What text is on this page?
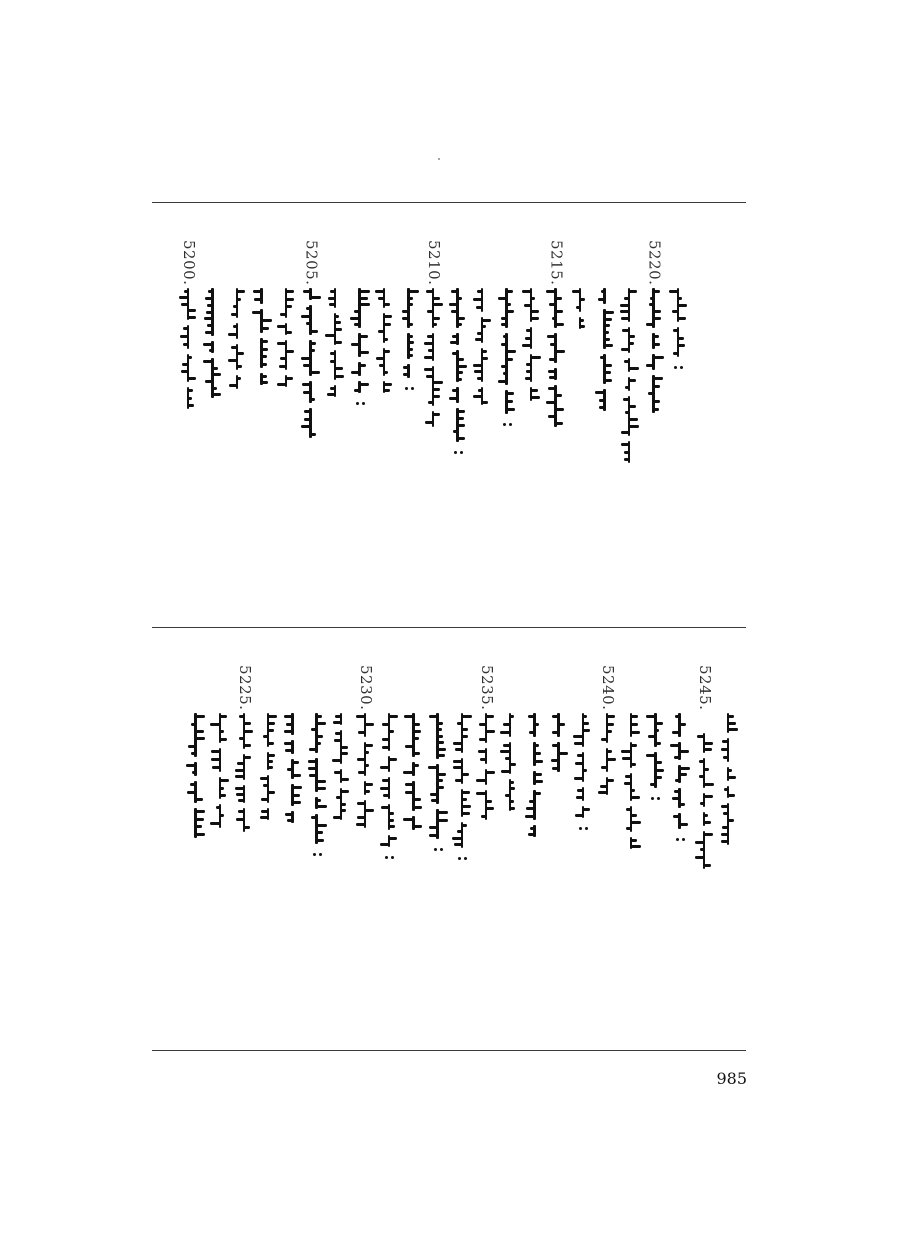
5220.
5215.
5210.
5205.
5200.
5245.
5240.
5235.
5230.
5225.
985
